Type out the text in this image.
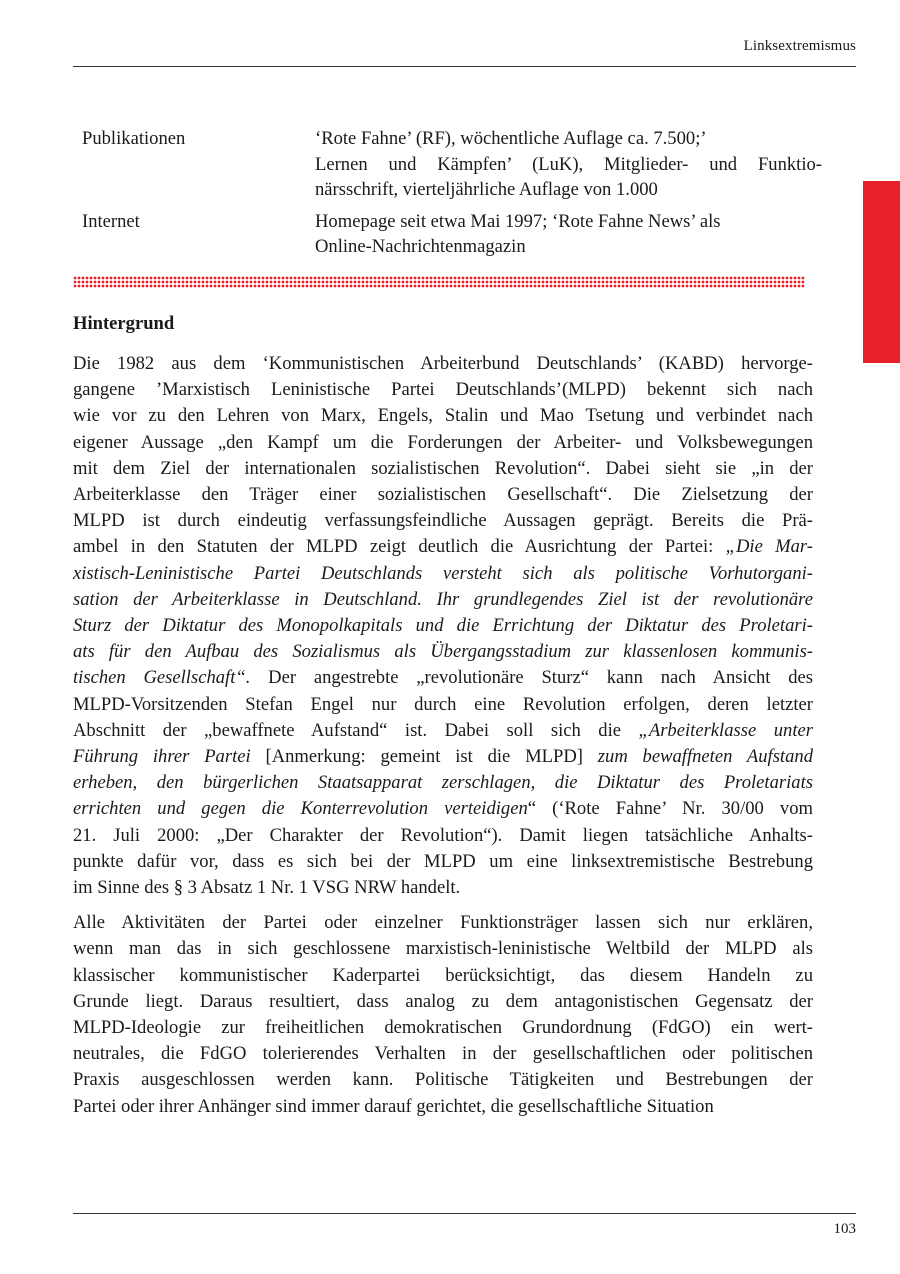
Linksextremismus
Publikationen	‘Rote Fahne’ (RF), wöchentliche Auflage ca. 7.500;’
Lernen und Kämpfen’ (LuK), Mitglieder- und Funktio-
närsschrift, vierteljährliche Auflage von 1.000

Internet	Homepage seit etwa Mai 1997; ‘Rote Fahne News’ als
Online-Nachrichtenmagazin
Hintergrund

Die 1982 aus dem ‘Kommunistischen Arbeiterbund Deutschlands’ (KABD) hervorge-
gangene ’Marxistisch Leninistische Partei Deutschlands’(MLPD) bekennt sich nach
wie vor zu den Lehren von Marx, Engels, Stalin und Mao Tsetung und verbindet nach
eigener Aussage „den Kampf um die Forderungen der Arbeiter- und Volksbewegungen
mit dem Ziel der internationalen sozialistischen Revolution“. Dabei sieht sie „in der
Arbeiterklasse den Träger einer sozialistischen Gesellschaft“. Die Zielsetzung der
MLPD ist durch eindeutig verfassungsfeindliche Aussagen geprägt. Bereits die Prä-
ambel in den Statuten der MLPD zeigt deutlich die Ausrichtung der Partei: „Die Mar-
xistisch-Leninistische Partei Deutschlands versteht sich als politische Vorhutorgani-
sation der Arbeiterklasse in Deutschland. Ihr grundlegendes Ziel ist der revolutionäre
Sturz der Diktatur des Monopolkapitals und die Errichtung der Diktatur des Proletari-
ats für den Aufbau des Sozialismus als Übergangsstadium zur klassenlosen kommunis-
tischen Gesellschaft“. Der angestrebte „revolutionäre Sturz“ kann nach Ansicht des
MLPD-Vorsitzenden Stefan Engel nur durch eine Revolution erfolgen, deren letzter
Abschnitt der „bewaffnete Aufstand“ ist. Dabei soll sich die „Arbeiterklasse unter
Führung ihrer Partei [Anmerkung: gemeint ist die MLPD] zum bewaffneten Aufstand
erheben, den bürgerlichen Staatsapparat zerschlagen, die Diktatur des Proletariats
errichten und gegen die Konterrevolution verteidigen“ (‘Rote Fahne’ Nr. 30/00 vom
21. Juli 2000: „Der Charakter der Revolution“). Damit liegen tatsächliche Anhalts-
punkte dafür vor, dass es sich bei der MLPD um eine linksextremistische Bestrebung
im Sinne des § 3 Absatz 1 Nr. 1 VSG NRW handelt.

Alle Aktivitäten der Partei oder einzelner Funktionsträger lassen sich nur erklären,
wenn man das in sich geschlossene marxistisch-leninistische Weltbild der MLPD als
klassischer kommunistischer Kaderpartei berücksichtigt, das diesem Handeln zu
Grunde liegt. Daraus resultiert, dass analog zu dem antagonistischen Gegensatz der
MLPD-Ideologie zur freiheitlichen demokratischen Grundordnung (FdGO) ein wert-
neutrales, die FdGO tolerierendes Verhalten in der gesellschaftlichen oder politischen
Praxis ausgeschlossen werden kann. Politische Tätigkeiten und Bestrebungen der
Partei oder ihrer Anhänger sind immer darauf gerichtet, die gesellschaftliche Situation

103
